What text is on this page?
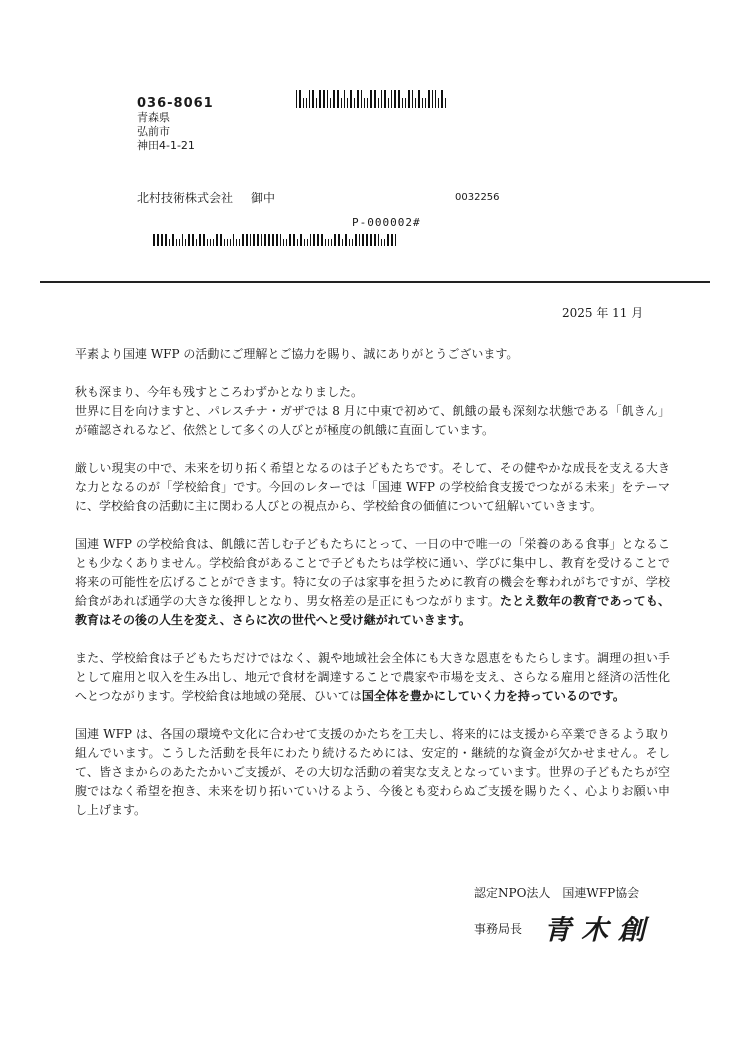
036-8061
青森県
弘前市
神田4-1-21
北村技術株式会社 御中	0032256
P-000002#
2025 年 11 月

平素より国連 WFP の活動にご理解とご協力を賜り、誠にありがとうございます。

秋も深まり、今年も残すところわずかとなりました。

世界に目を向けますと、パレスチナ・ガザでは 8 月に中東で初めて、飢餓の最も深刻な状態である「飢きん」が確認されるなど、依然として多くの人びとが極度の飢餓に直面しています。

厳しい現実の中で、未来を切り拓く希望となるのは子どもたちです。そして、その健やかな成長を支える大きな力となるのが「学校給食」です。今回のレターでは「国連 WFP の学校給食支援でつながる未来」をテーマに、学校給食の活動に主に関わる人びとの視点から、学校給食の価値について紐解いていきます。

国連 WFP の学校給食は、飢餓に苦しむ子どもたちにとって、一日の中で唯一の「栄養のある食事」となることも少なくありません。学校給食があることで子どもたちは学校に通い、学びに集中し、教育を受けることで将来の可能性を広げることができます。特に女の子は家事を担うために教育の機会を奪われがちですが、学校給食があれば通学の大きな後押しとなり、男女格差の是正にもつながります。たとえ数年の教育であっても、教育はその後の人生を変え、さらに次の世代へと受け継がれていきます。

また、学校給食は子どもたちだけではなく、親や地域社会全体にも大きな恩恵をもたらします。調理の担い手として雇用と収入を生み出し、地元で食材を調達することで農家や市場を支え、さらなる雇用と経済の活性化へとつながります。学校給食は地域の発展、ひいては国全体を豊かにしていく力を持っているのです。

国連 WFP は、各国の環境や文化に合わせて支援のかたちを工夫し、将来的には支援から卒業できるよう取り組んでいます。こうした活動を長年にわたり続けるためには、安定的・継続的な資金が欠かせません。そして、皆さまからのあたたかいご支援が、その大切な活動の着実な支えとなっています。世界の子どもたちが空腹ではなく希望を抱き、未来を切り拓いていけるよう、今後とも変わらぬご支援を賜りたく、心よりお願い申し上げます。

認定NPO法人　国連WFP協会
事務局長 青木創
